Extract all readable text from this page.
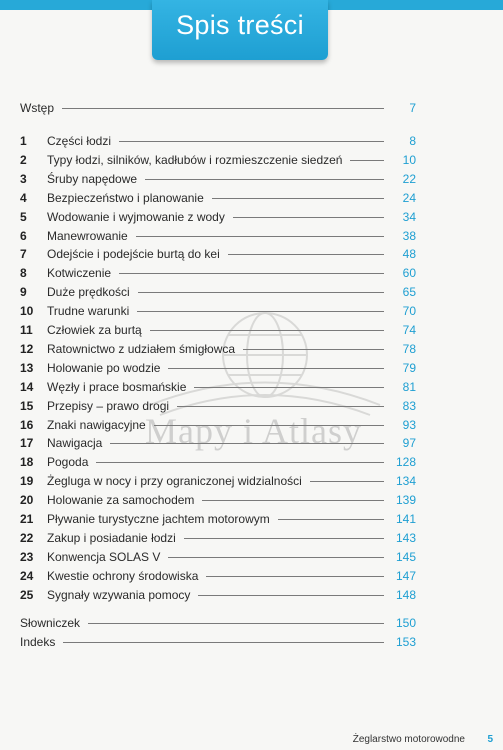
Spis treści
Mapy i Atlasy
Wstęp	7
1	Części łodzi	8
2	Typy łodzi, silników, kadłubów i rozmieszczenie siedzeń	10
3	Śruby napędowe	22
4	Bezpieczeństwo i planowanie	24
5	Wodowanie i wyjmowanie z wody	34
6	Manewrowanie	38
7	Odejście i podejście burtą do kei	48
8	Kotwiczenie	60
9	Duże prędkości	65
10	Trudne warunki	70
11	Człowiek za burtą	74
12	Ratownictwo z udziałem śmigłowca	78
13	Holowanie po wodzie	79
14	Węzły i prace bosmańskie	81
15	Przepisy – prawo drogi	83
16	Znaki nawigacyjne	93
17	Nawigacja	97
18	Pogoda	128
19	Żegluga w nocy i przy ograniczonej widzialności	134
20	Holowanie za samochodem	139
21	Pływanie turystyczne jachtem motorowym	141
22	Zakup i posiadanie łodzi	143
23	Konwencja SOLAS V	145
24	Kwestie ochrony środowiska	147
25	Sygnały wzywania pomocy	148
Słowniczek	150
Indeks	153
Żeglarstwo motorowodne 5
